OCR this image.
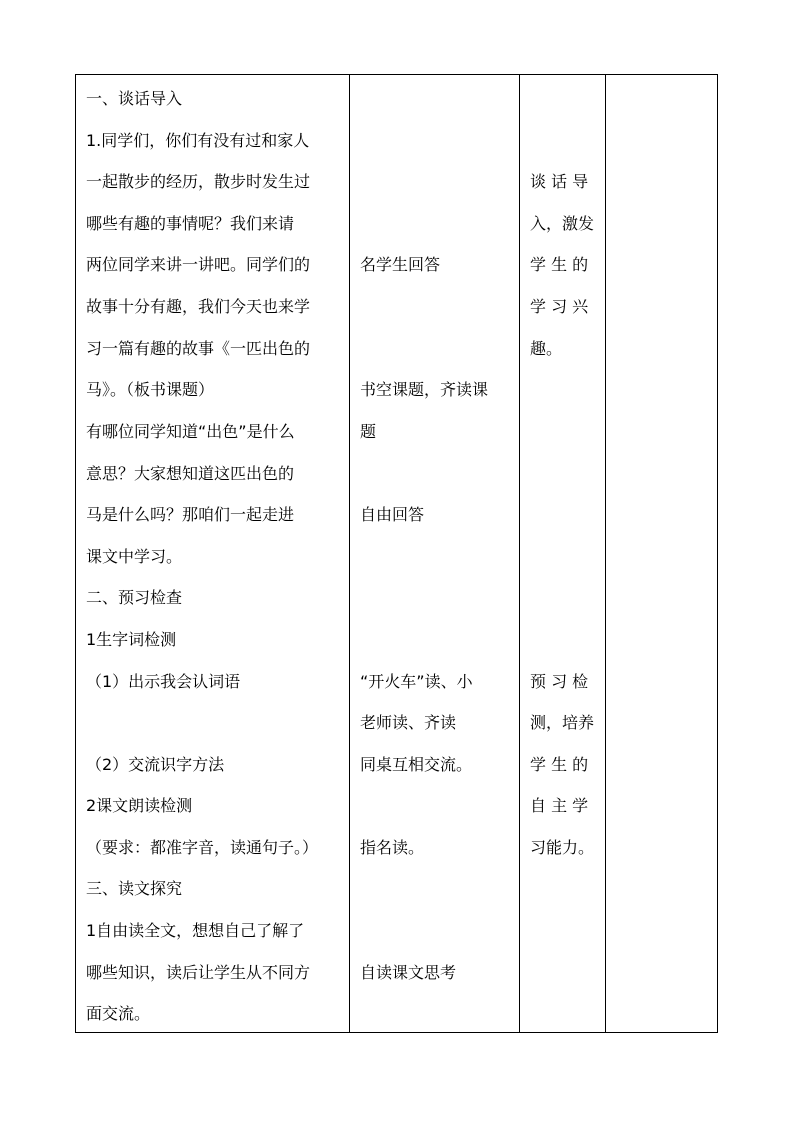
一、谈话导入
1.同学们，你们有没有过和家人
一起散步的经历，散步时发生过
哪些有趣的事情呢？我们来请
两位同学来讲一讲吧。同学们的
故事十分有趣，我们今天也来学
习一篇有趣的故事《一匹出色的
马》。（板书课题）
有哪位同学知道“出色”是什么
意思？大家想知道这匹出色的
马是什么吗？那咱们一起走进
课文中学习。
二、预习检查
1生字词检测
（1）出示我会认词语
（2）交流识字方法
2课文朗读检测
（要求：都准字音，读通句子。）
三、读文探究
1自由读全文，想想自己了解了
哪些知识，读后让学生从不同方
面交流。
名学生回答
书空课题，齐读课
题
自由回答
“开火车”读、小
老师读、齐读
同桌互相交流。
指名读。
自读课文思考
谈 话 导
入，激发
学 生 的
学 习 兴
趣。
预 习 检
测，培养
学 生 的
自 主 学
习能力。
